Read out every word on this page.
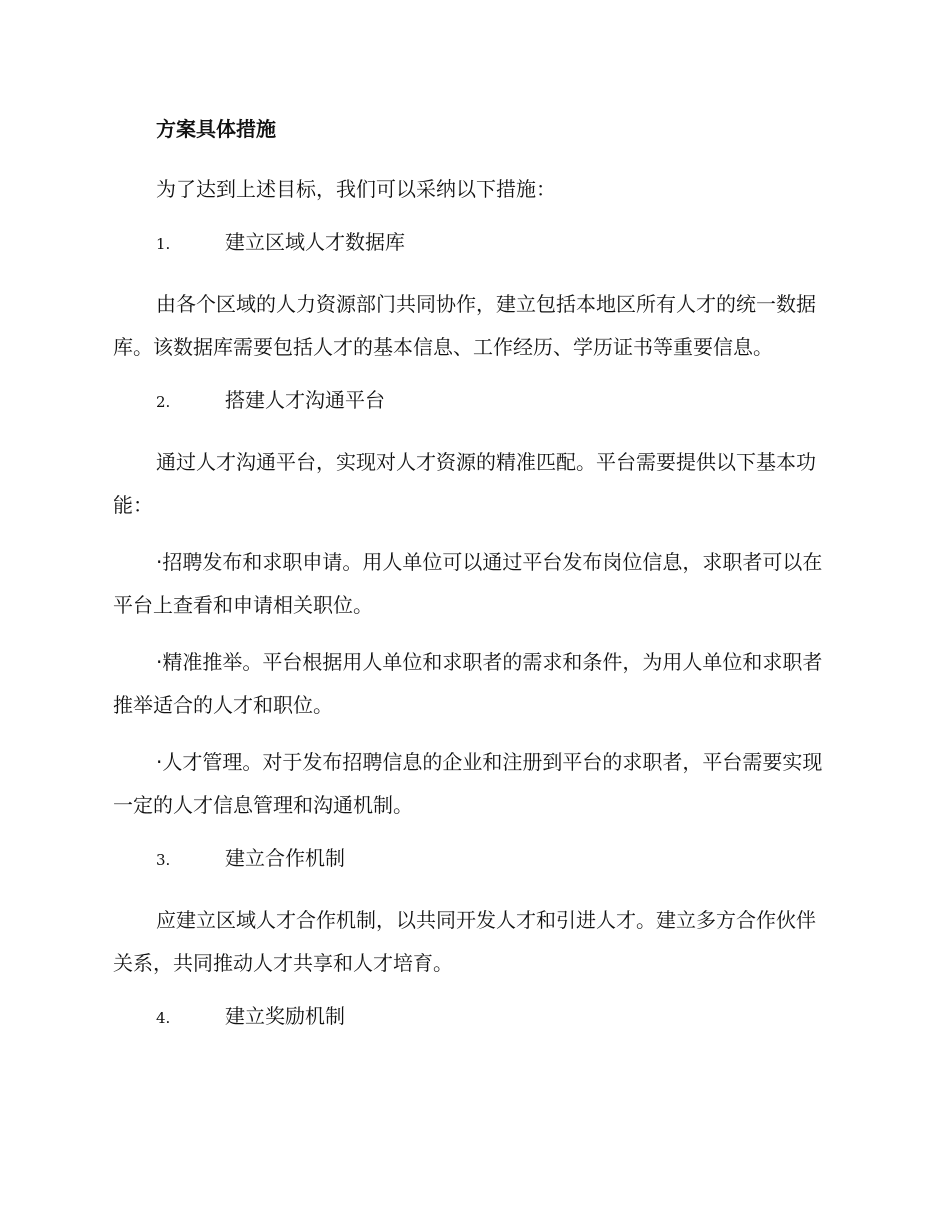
方案具体措施
为了达到上述目标，我们可以采纳以下措施：
1.	建立区域人才数据库
由各个区域的人力资源部门共同协作，建立包括本地区所有人才的统一数据库。该数据库需要包括人才的基本信息、工作经历、学历证书等重要信息。
2.	搭建人才沟通平台
通过人才沟通平台，实现对人才资源的精准匹配。平台需要提供以下基本功能：
·招聘发布和求职申请。用人单位可以通过平台发布岗位信息，求职者可以在平台上查看和申请相关职位。
·精准推举。平台根据用人单位和求职者的需求和条件，为用人单位和求职者推举适合的人才和职位。
·人才管理。对于发布招聘信息的企业和注册到平台的求职者，平台需要实现一定的人才信息管理和沟通机制。
3.	建立合作机制
应建立区域人才合作机制，以共同开发人才和引进人才。建立多方合作伙伴关系，共同推动人才共享和人才培育。
4.	建立奖励机制
